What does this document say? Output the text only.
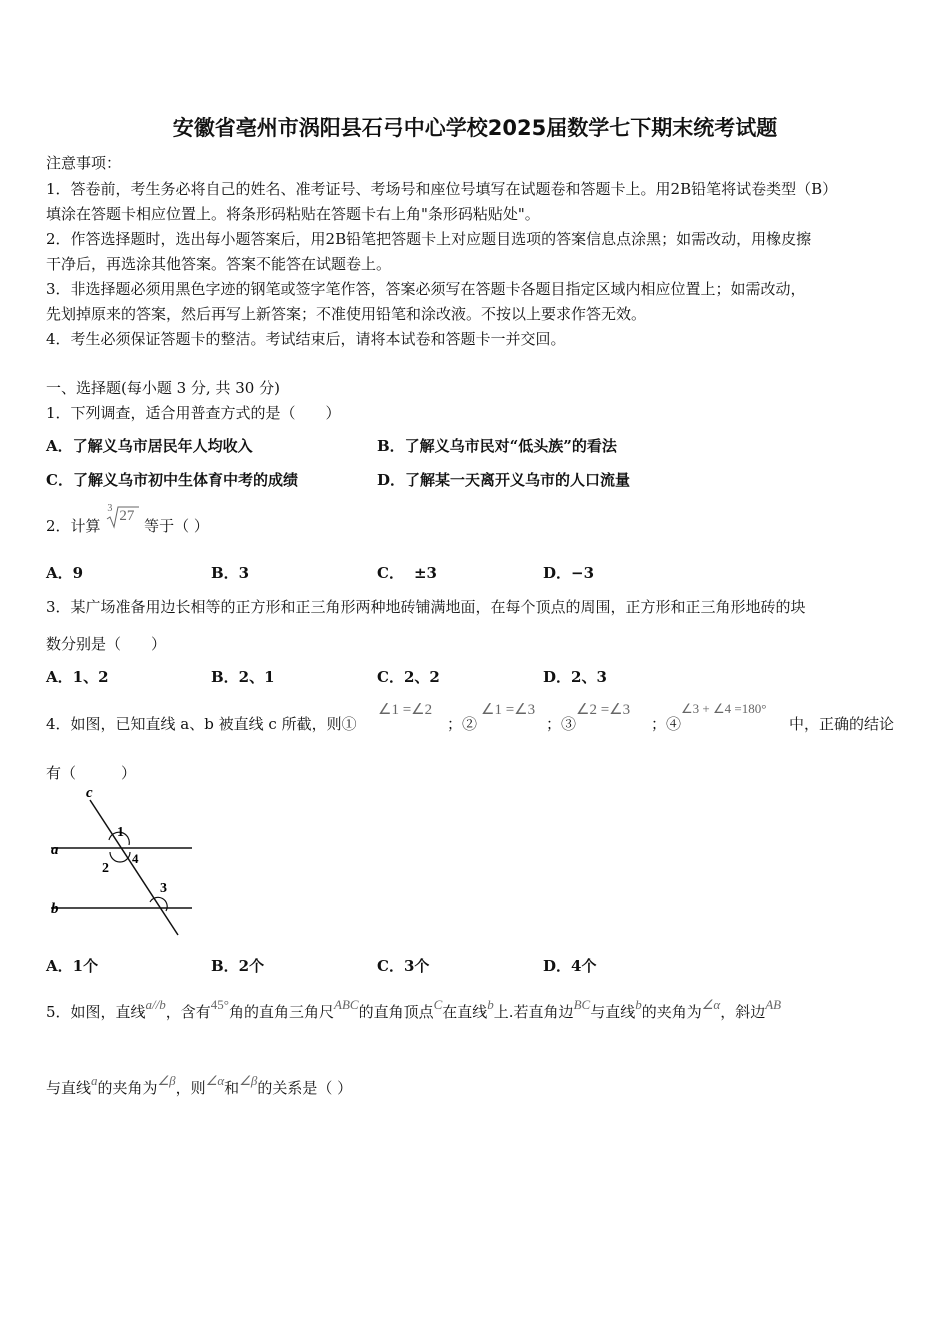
安徽省亳州市涡阳县石弓中心学校2025届数学七下期末统考试题
注意事项：
1．答卷前，考生务必将自己的姓名、准考证号、考场号和座位号填写在试题卷和答题卡上。用2B铅笔将试卷类型（B）
填涂在答题卡相应位置上。将条形码粘贴在答题卡右上角"条形码粘贴处"。
2．作答选择题时，选出每小题答案后，用2B铅笔把答题卡上对应题目选项的答案信息点涂黑；如需改动，用橡皮擦
干净后，再选涂其他答案。答案不能答在试题卷上。
3．非选择题必须用黑色字迹的钢笔或签字笔作答，答案必须写在答题卡各题目指定区域内相应位置上；如需改动，
先划掉原来的答案，然后再写上新答案；不准使用铅笔和涂改液。不按以上要求作答无效。
4．考生必须保证答题卡的整洁。考试结束后，请将本试卷和答题卡一并交回。
一、选择题(每小题 3 分, 共 30 分)
1．下列调查，适合用普查方式的是（　　）
A．了解义乌市居民年人均收入	B．了解义乌市民对“低头族”的看法
C．了解义乌市初中生体育中考的成绩	D．了解某一天离开义乌市的人口流量
2．计算
3 27
等于（ ）
A．9	B．3	C． ±3	D．−3
3．某广场准备用边长相等的正方形和正三角形两种地砖铺满地面，在每个顶点的周围，正方形和正三角形地砖的块
数分别是（　　）
A．1、2	B．2、1	C．2、2	D．2、3
4．如图，已知直线 a、b 被直线 c 所截，则①
∠1 =∠2
；②
∠1 =∠3
；③
∠2 =∠3
；④
∠3 + ∠4 =180°
中，正确的结论
有（　　　）
c
a
b
1
2
3
4
A．1个	B．2个	C．3个	D．4个
5．如图，直线a//b，含有45°角的直角三角尺ABC的直角顶点C在直线b上.若直角边BC与直线b的夹角为∠α，斜边AB
与直线a的夹角为∠β，则∠α和∠β的关系是（ ）
